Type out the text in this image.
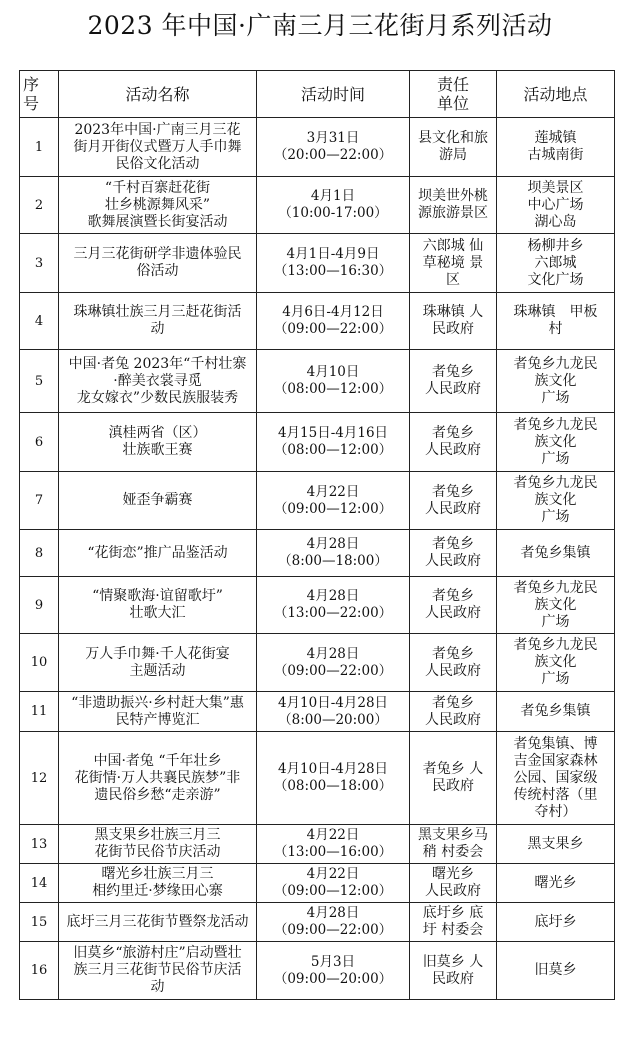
2023 年中国·广南三月三花街月系列活动
序
号	活动名称	活动时间	责任
单位	活动地点
1	2023年中国·广南三月三花
街月开街仪式暨万人手巾舞
民俗文化活动	3月31日
（20:00—22:00）	县文化和旅
游局	莲城镇
古城南街
2	“千村百寨赶花街
壮乡桃源舞风采”
歌舞展演暨长街宴活动	4月1日
（10:00-17:00）	坝美世外桃
源旅游景区	坝美景区
中心广场
湖心岛
3	三月三花街研学非遗体验民
俗活动	4月1日-4月9日
（13:00—16:30）	六郎城 仙
草秘境 景
区	杨柳井乡
六郎城
文化广场
4	珠琳镇壮族三月三赶花街活
动	4月6日-4月12日
（09:00—22:00）	珠琳镇 人
民政府	珠琳镇　甲板
村
5	中国·者兔 2023年“千村壮寨
·醉美衣裳寻觅
龙女嫁衣”少数民族服装秀	4月10日
（08:00—12:00）	者兔乡
人民政府	者兔乡九龙民
族文化
广场
6	滇桂两省（区）
壮族歌王赛	4月15日-4月16日
（08:00—12:00）	者兔乡
人民政府	者兔乡九龙民
族文化
广场
7	娅歪争霸赛	4月22日
（09:00—12:00）	者兔乡
人民政府	者兔乡九龙民
族文化
广场
8	“花街恋”推广品鉴活动	4月28日
（8:00—18:00）	者兔乡
人民政府	者兔乡集镇
9	“情聚歌海·谊留歌圩”
壮歌大汇	4月28日
（13:00—22:00）	者兔乡
人民政府	者兔乡九龙民
族文化
广场
10	万人手巾舞·千人花街宴
主题活动	4月28日
（09:00—22:00）	者兔乡
人民政府	者兔乡九龙民
族文化
广场
11	“非遗助振兴·乡村赶大集”惠
民特产博览汇	4月10日-4月28日
（8:00—20:00）	者兔乡
人民政府	者兔乡集镇
12	中国·者兔 “千年壮乡
花街情·万人共襄民族梦”非
遗民俗乡愁“走亲游”	4月10日-4月28日
（08:00—18:00）	者兔乡 人
民政府	者兔集镇、博
吉金国家森林
公园、国家级
传统村落（里
夺村）
13	黑支果乡壮族三月三
花街节民俗节庆活动	4月22日
（13:00—16:00）	黑支果乡马
稍 村委会	黑支果乡
14	曙光乡壮族三月三
相约里迁·梦缘田心寨	4月22日
（09:00—12:00）	曙光乡
人民政府	曙光乡
15	底圩三月三花街节暨祭龙活动	4月28日
（09:00—22:00）	底圩乡 底
圩 村委会	底圩乡
16	旧莫乡“旅游村庄”启动暨壮
族三月三花街节民俗节庆活
动	5月3日
（09:00—20:00）	旧莫乡 人
民政府	旧莫乡
